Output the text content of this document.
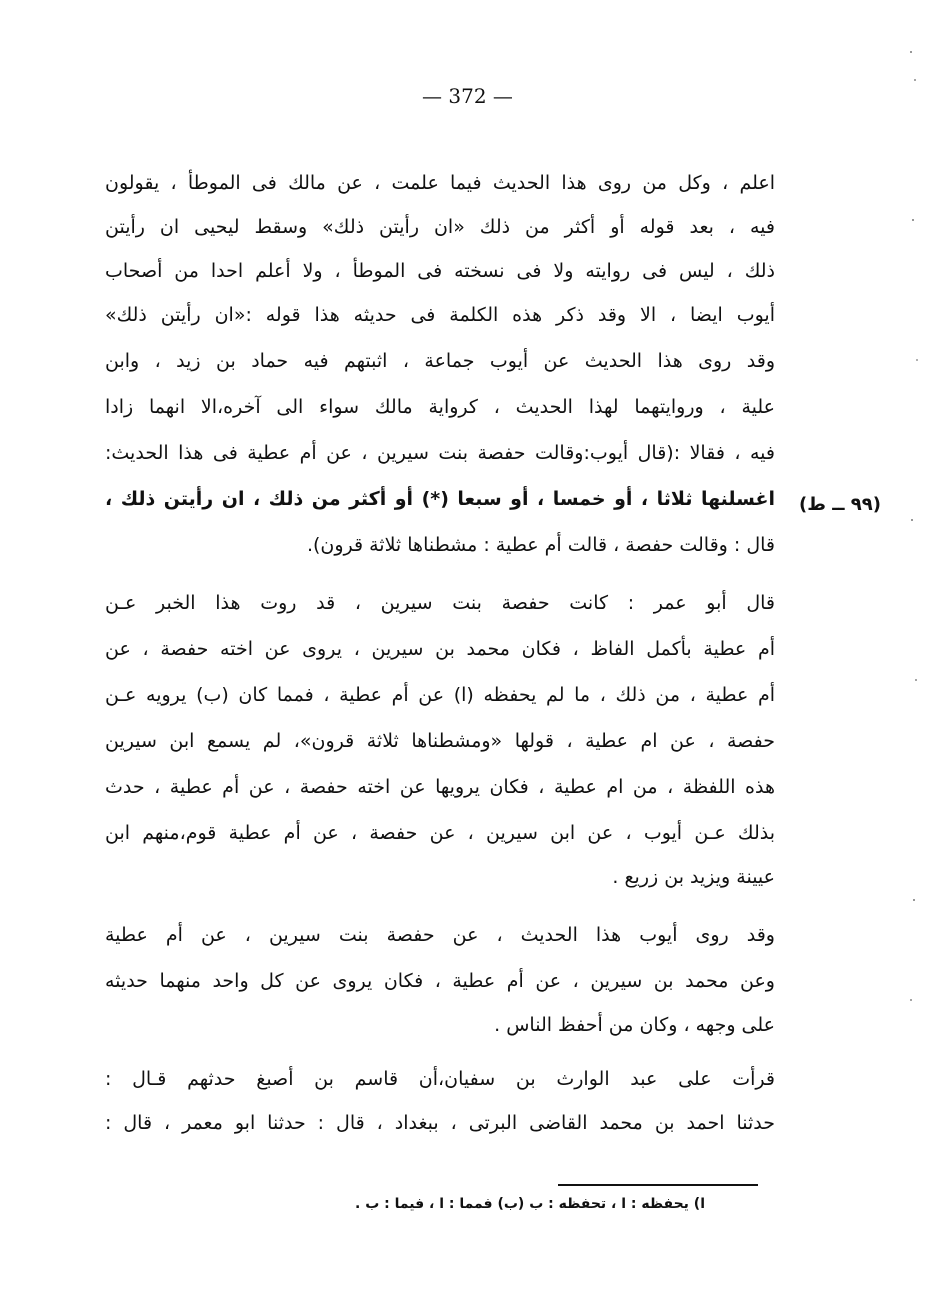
— 372 —
(٩٩ ــ ط)
اعلم ، وكل من روى هذا الحديث فيما علمت ، عن مالك فى الموطأ ، يقولون
فيه ، بعد قوله أو أكثر من ذلك «ان رأيتن ذلك» وسقط ليحيى ان رأيتن
ذلك ، ليس فى روايته ولا فى نسخته فى الموطأ ، ولا أعلم احدا من أصحاب
أيوب ايضا ، الا وقد ذكر هذه الكلمة فى حديثه هذا قوله :«ان رأيتن ذلك»
وقد روى هذا الحديث عن أيوب جماعة ، اثبتهم فيه حماد بن زيد ، وابن
علية ، وروايتهما لهذا الحديث ، كرواية مالك سواء الى آخره،الا انهما زادا
فيه ، فقالا :(قال أيوب:وقالت حفصة بنت سيرين ، عن أم عطية فى هذا الحديث:
اغسلنها ثلاثا ، أو خمسا ، أو سبعا (*) أو أكثر من ذلك ، ان رأيتن ذلك ،
قال : وقالت حفصة ، قالت أم عطية : مشطناها ثلاثة قرون).
قال أبو عمر : كانت حفصة بنت سيرين ، قد روت هذا الخبر عـن
أم عطية بأكمل الفاظ ، فكان محمد بن سيرين ، يروى عن اخته حفصة ، عن
أم عطية ، من ذلك ، ما لم يحفظه (ا) عن أم عطية ، فمما كان (ب) يرويه عـن
حفصة ، عن ام عطية ، قولها «ومشطناها ثلاثة قرون»، لم يسمع ابن سيرين
هذه اللفظة ، من ام عطية ، فكان يرويها عن اخته حفصة ، عن أم عطية ، حدث
بذلك عـن أيوب ، عن ابن سيرين ، عن حفصة ، عن أم عطية قوم،منهم ابن
عيينة ويزيد بن زريع .
وقد روى أيوب هذا الحديث ، عن حفصة بنت سيرين ، عن أم عطية
وعن محمد بن سيرين ، عن أم عطية ، فكان يروى عن كل واحد منهما حديثه
على وجهه ، وكان من أحفظ الناس .
قرأت على عبد الوارث بن سفيان،أن قاسم بن أصبغ حدثهم قـال :
حدثنا احمد بن محمد القاضى البرتى ، ببغداد ، قال : حدثنا ابو معمر ، قال :
ا) يحفظه : ا ، تحفظه : ب (ب) فمما : ا ، فيما : ب .
